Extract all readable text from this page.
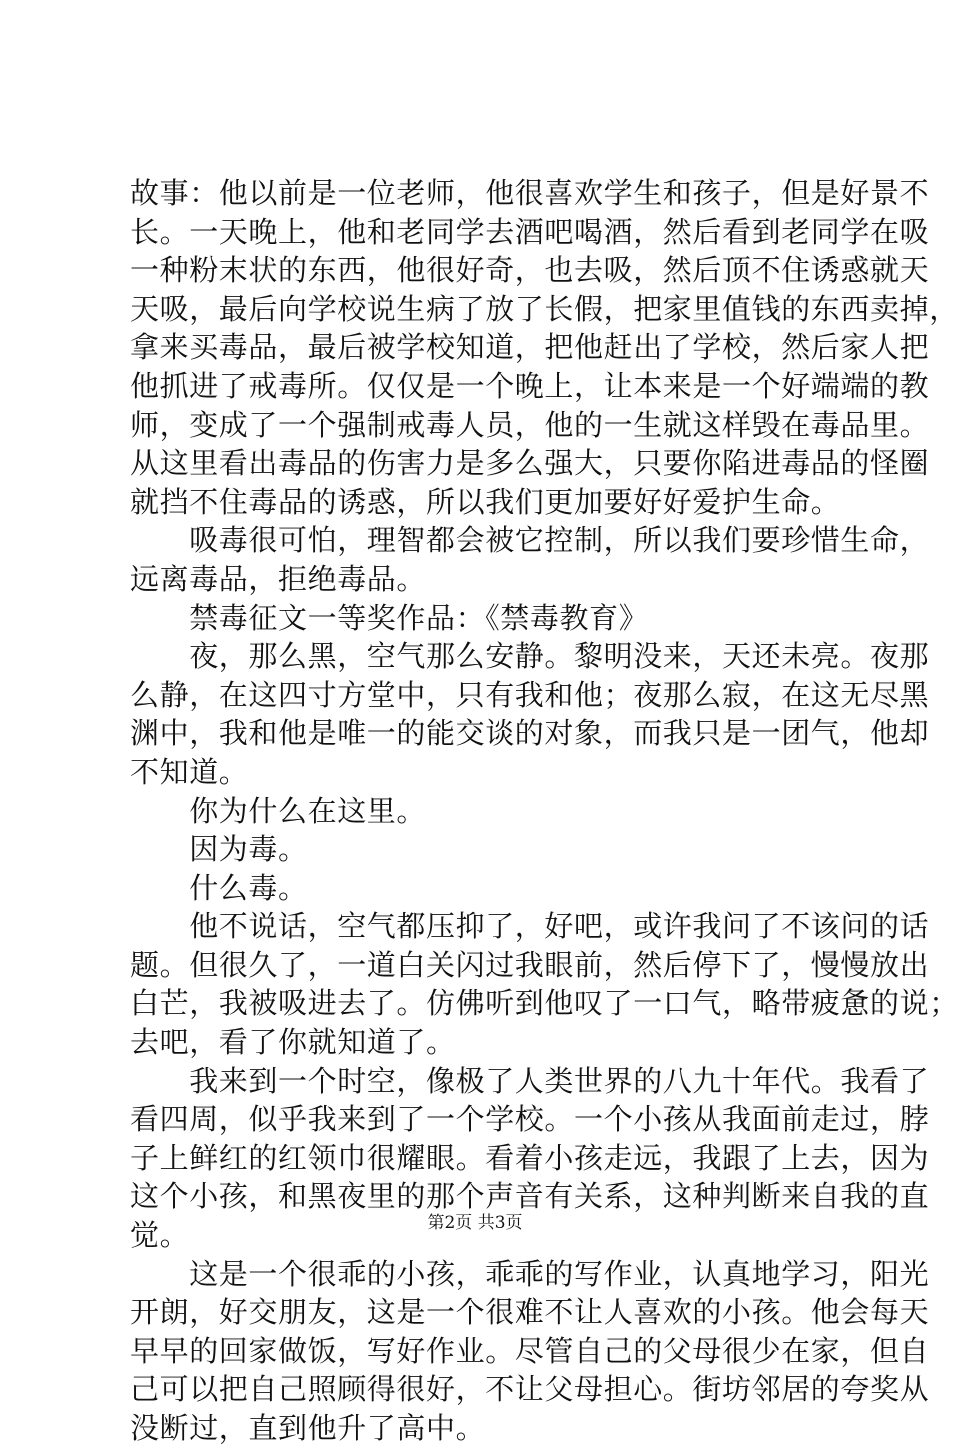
故事：他以前是一位老师，他很喜欢学生和孩子，但是好景不
长。一天晚上，他和老同学去酒吧喝酒，然后看到老同学在吸
一种粉末状的东西，他很好奇，也去吸，然后顶不住诱惑就天
天吸，最后向学校说生病了放了长假，把家里值钱的东西卖掉，
拿来买毒品，最后被学校知道，把他赶出了学校，然后家人把
他抓进了戒毒所。仅仅是一个晚上，让本来是一个好端端的教
师，变成了一个强制戒毒人员，他的一生就这样毁在毒品里。
从这里看出毒品的伤害力是多么强大，只要你陷进毒品的怪圈
就挡不住毒品的诱惑，所以我们更加要好好爱护生命。
　　吸毒很可怕，理智都会被它控制，所以我们要珍惜生命，
远离毒品，拒绝毒品。
　　禁毒征文一等奖作品：《禁毒教育》
　　夜，那么黑，空气那么安静。黎明没来，天还未亮。夜那
么静，在这四寸方堂中，只有我和他；夜那么寂，在这无尽黑
渊中，我和他是唯一的能交谈的对象，而我只是一团气，他却
不知道。
　　你为什么在这里。
　　因为毒。
　　什么毒。
　　他不说话，空气都压抑了，好吧，或许我问了不该问的话
题。但很久了，一道白关闪过我眼前，然后停下了，慢慢放出
白芒，我被吸进去了。仿佛听到他叹了一口气，略带疲惫的说；
去吧，看了你就知道了。
　　我来到一个时空，像极了人类世界的八九十年代。我看了
看四周，似乎我来到了一个学校。一个小孩从我面前走过，脖
子上鲜红的红领巾很耀眼。看着小孩走远，我跟了上去，因为
这个小孩，和黑夜里的那个声音有关系，这种判断来自我的直
觉。
　　这是一个很乖的小孩，乖乖的写作业，认真地学习，阳光
开朗，好交朋友，这是一个很难不让人喜欢的小孩。他会每天
早早的回家做饭，写好作业。尽管自己的父母很少在家，但自
己可以把自己照顾得很好，不让父母担心。街坊邻居的夸奖从
没断过，直到他升了高中。
第2页 共3页
